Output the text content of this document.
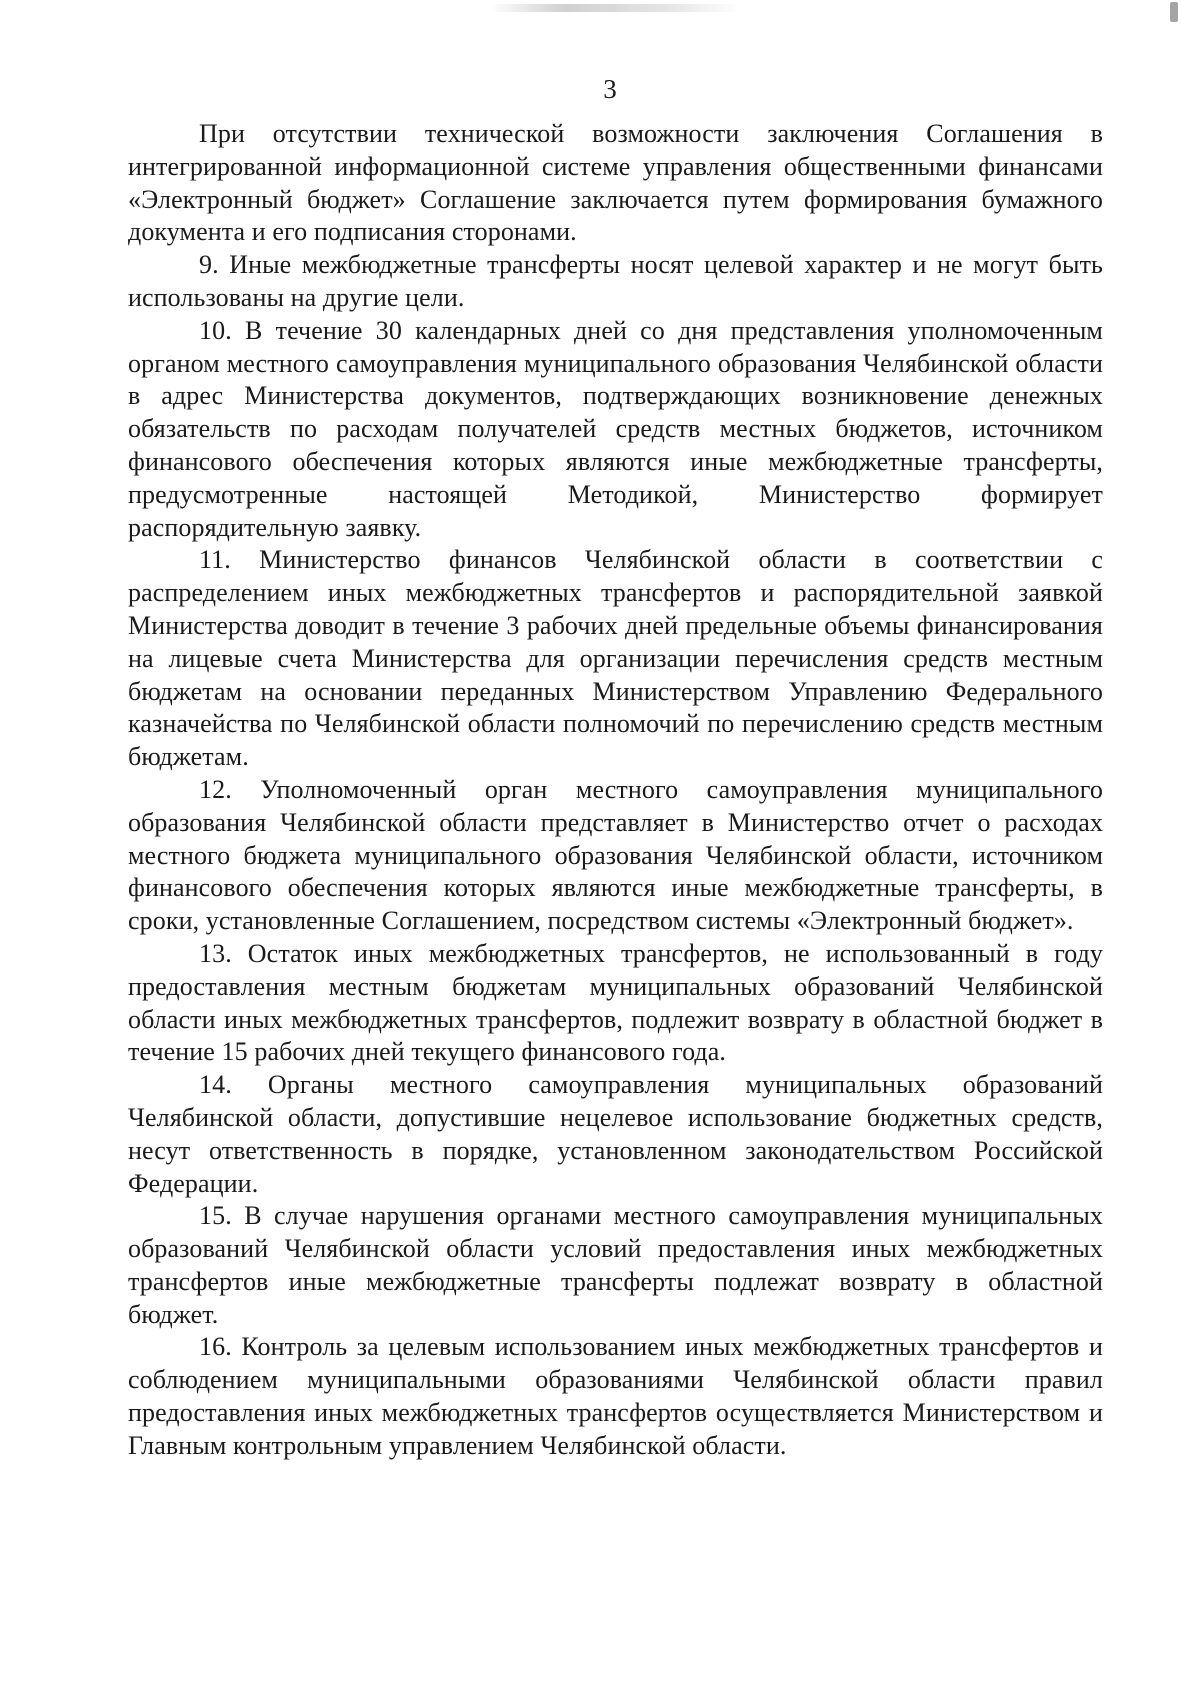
3

При отсутствии технической возможности заключения Соглашения в интегрированной информационной системе управления общественными финансами «Электронный бюджет» Соглашение заключается путем формирования бумажного документа и его подписания сторонами.

9. Иные межбюджетные трансферты носят целевой характер и не могут быть использованы на другие цели.

10. В течение 30 календарных дней со дня представления уполномоченным органом местного самоуправления муниципального образования Челябинской области в адрес Министерства документов, подтверждающих возникновение денежных обязательств по расходам получателей средств местных бюджетов, источником финансового обеспечения которых являются иные межбюджетные трансферты, предусмотренные настоящей Методикой, Министерство формирует распорядительную заявку.

11. Министерство финансов Челябинской области в соответствии с распределением иных межбюджетных трансфертов и распорядительной заявкой Министерства доводит в течение 3 рабочих дней предельные объемы финансирования на лицевые счета Министерства для организации перечисления средств местным бюджетам на основании переданных Министерством Управлению Федерального казначейства по Челябинской области полномочий по перечислению средств местным бюджетам.

12. Уполномоченный орган местного самоуправления муниципального образования Челябинской области представляет в Министерство отчет о расходах местного бюджета муниципального образования Челябинской области, источником финансового обеспечения которых являются иные межбюджетные трансферты, в сроки, установленные Соглашением, посредством системы «Электронный бюджет».

13. Остаток иных межбюджетных трансфертов, не использованный в году предоставления местным бюджетам муниципальных образований Челябинской области иных межбюджетных трансфертов, подлежит возврату в областной бюджет в течение 15 рабочих дней текущего финансового года.

14. Органы местного самоуправления муниципальных образований Челябинской области, допустившие нецелевое использование бюджетных средств, несут ответственность в порядке, установленном законодательством Российской Федерации.

15. В случае нарушения органами местного самоуправления муниципальных образований Челябинской области условий предоставления иных межбюджетных трансфертов иные межбюджетные трансферты подлежат возврату в областной бюджет.

16. Контроль за целевым использованием иных межбюджетных трансфертов и соблюдением муниципальными образованиями Челябинской области правил предоставления иных межбюджетных трансфертов осуществляется Министерством и Главным контрольным управлением Челябинской области.
